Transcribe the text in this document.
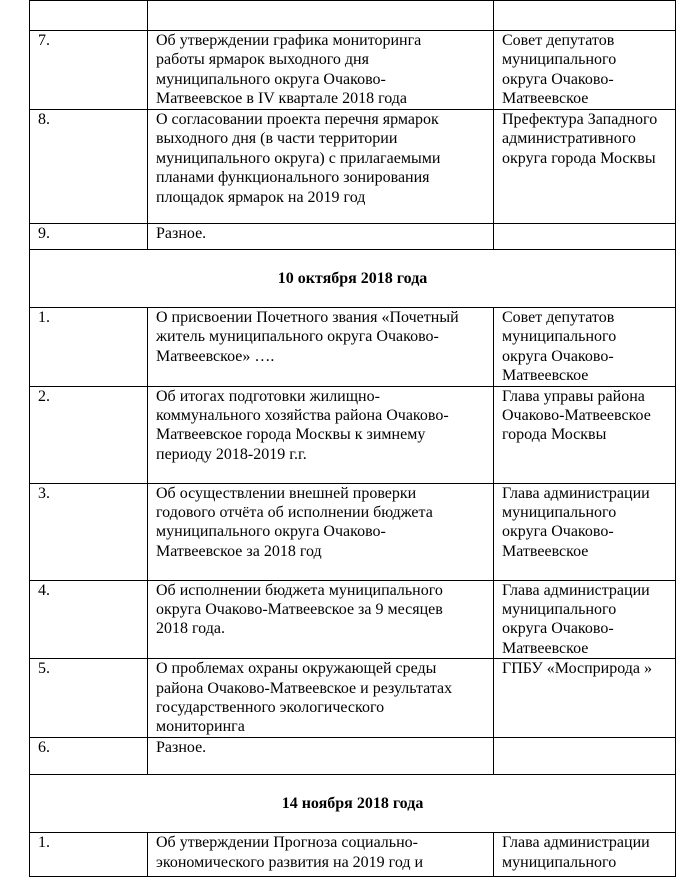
7.	Об утверждении графика мониторинга
работы ярмарок выходного дня
муниципального округа Очаково-
Матвеевское в IV квартале 2018 года	Совет депутатов
муниципального
округа Очаково-
Матвеевское
8.	О согласовании проекта перечня ярмарок
выходного дня (в части территории
муниципального округа) с прилагаемыми
планами функционального зонирования
площадок ярмарок на 2019 год	Префектура Западного
административного
округа города Москвы
9.	Разное.	
10 октября 2018 года		
1.	О присвоении Почетного звания «Почетный
житель муниципального округа Очаково-
Матвеевское» ….	Совет депутатов
муниципального
округа Очаково-
Матвеевское
2.	Об итогах подготовки жилищно-
коммунального хозяйства района Очаково-
Матвеевское города Москвы к зимнему
периоду 2018-2019 г.г.	Глава управы района
Очаково-Матвеевское
города Москвы
3.	Об осуществлении внешней проверки
годового отчёта об исполнении бюджета
муниципального округа Очаково-
Матвеевское за 2018 год	Глава администрации
муниципального
округа Очаково-
Матвеевское
4.	Об исполнении бюджета муниципального
округа Очаково-Матвеевское за 9 месяцев
2018 года.	Глава администрации
муниципального
округа Очаково-
Матвеевское
5.	О проблемах охраны окружающей среды
района Очаково-Матвеевское и результатах
государственного экологического
мониторинга	ГПБУ «Мосприрода »
6.	Разное.	
14 ноября 2018 года		
1.	Об утверждении Прогноза социально-
экономического развития на 2019 год и	Глава администрации
муниципального
